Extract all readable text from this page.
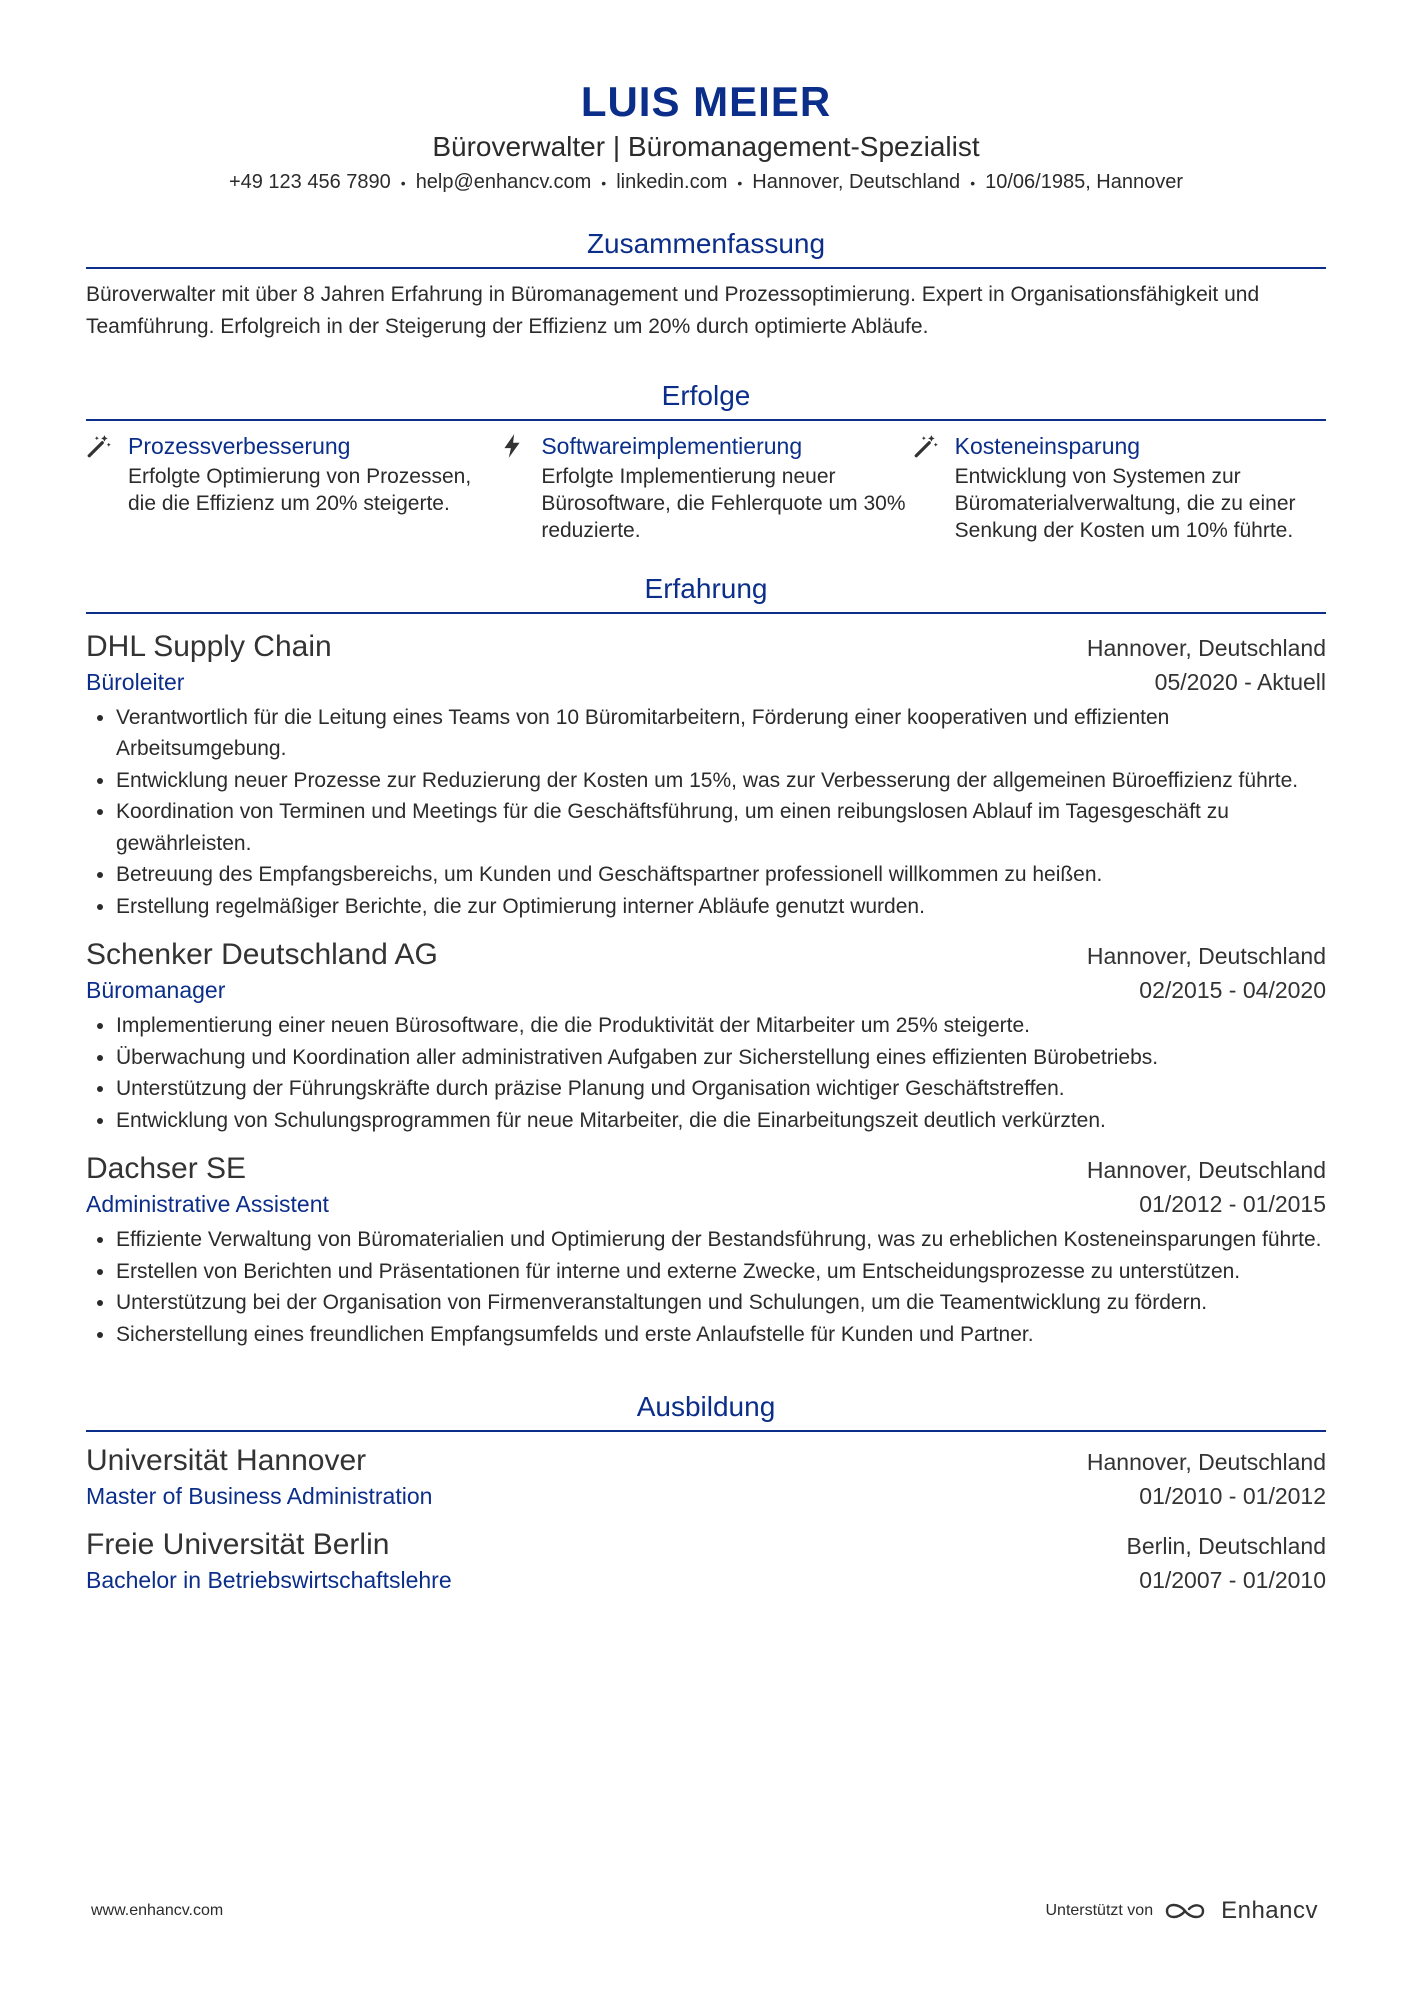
LUIS MEIER
Büroverwalter | Büromanagement-Spezialist
+49 123 456 7890 • help@enhancv.com • linkedin.com • Hannover, Deutschland • 10/06/1985, Hannover
Zusammenfassung
Büroverwalter mit über 8 Jahren Erfahrung in Büromanagement und Prozessoptimierung. Expert in Organisationsfähigkeit und Teamführung. Erfolgreich in der Steigerung der Effizienz um 20% durch optimierte Abläufe.
Erfolge
Prozessverbesserung
Erfolgte Optimierung von Prozessen, die die Effizienz um 20% steigerte.
Softwareimplementierung
Erfolgte Implementierung neuer Bürosoftware, die Fehlerquote um 30% reduzierte.
Kosteneinsparung
Entwicklung von Systemen zur Büromaterialverwaltung, die zu einer Senkung der Kosten um 10% führte.
Erfahrung
DHL Supply Chain	Hannover, Deutschland
Büroleiter	05/2020 - Aktuell
• Verantwortlich für die Leitung eines Teams von 10 Büromitarbeitern, Förderung einer kooperativen und effizienten Arbeitsumgebung.
• Entwicklung neuer Prozesse zur Reduzierung der Kosten um 15%, was zur Verbesserung der allgemeinen Büroeffizienz führte.
• Koordination von Terminen und Meetings für die Geschäftsführung, um einen reibungslosen Ablauf im Tagesgeschäft zu gewährleisten.
• Betreuung des Empfangsbereichs, um Kunden und Geschäftspartner professionell willkommen zu heißen.
• Erstellung regelmäßiger Berichte, die zur Optimierung interner Abläufe genutzt wurden.
Schenker Deutschland AG	Hannover, Deutschland
Büromanager	02/2015 - 04/2020
• Implementierung einer neuen Bürosoftware, die die Produktivität der Mitarbeiter um 25% steigerte.
• Überwachung und Koordination aller administrativen Aufgaben zur Sicherstellung eines effizienten Bürobetriebs.
• Unterstützung der Führungskräfte durch präzise Planung und Organisation wichtiger Geschäftstreffen.
• Entwicklung von Schulungsprogrammen für neue Mitarbeiter, die die Einarbeitungszeit deutlich verkürzten.
Dachser SE	Hannover, Deutschland
Administrative Assistent	01/2012 - 01/2015
• Effiziente Verwaltung von Büromaterialien und Optimierung der Bestandsführung, was zu erheblichen Kosteneinsparungen führte.
• Erstellen von Berichten und Präsentationen für interne und externe Zwecke, um Entscheidungsprozesse zu unterstützen.
• Unterstützung bei der Organisation von Firmenveranstaltungen und Schulungen, um die Teamentwicklung zu fördern.
• Sicherstellung eines freundlichen Empfangsumfelds und erste Anlaufstelle für Kunden und Partner.
Ausbildung
Universität Hannover	Hannover, Deutschland
Master of Business Administration	01/2010 - 01/2012
Freie Universität Berlin	Berlin, Deutschland
Bachelor in Betriebswirtschaftslehre	01/2007 - 01/2010
www.enhancv.com	Unterstützt von	Enhancv
